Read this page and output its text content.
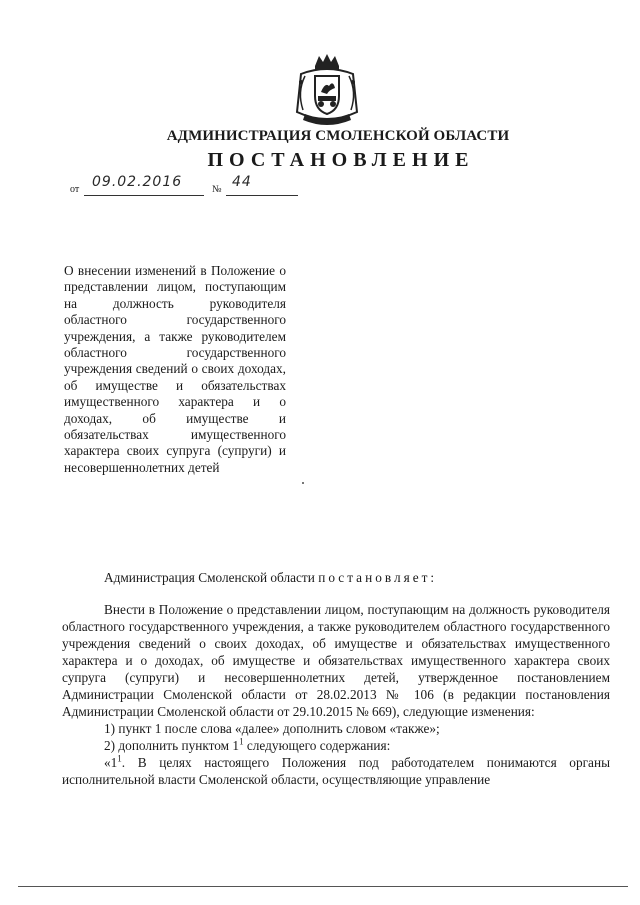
АДМИНИСТРАЦИЯ СМОЛЕНСКОЙ ОБЛАСТИ
ПОСТАНОВЛЕНИЕ
от 09.02.2016	№ 44
О внесении изменений в Положение о представлении лицом, поступающим на должность руководителя областного государственного учреждения, а также руководителем областного государственного учреждения сведений о своих доходах, об имуществе и обязательствах имущественного характера и о доходах, об имуществе и обязательствах имущественного характера своих супруга (супруги) и несовершеннолетних детей
Администрация Смоленской области постановляет:

Внести в Положение о представлении лицом, поступающим на должность руководителя областного государственного учреждения, а также руководителем областного государственного учреждения сведений о своих доходах, об имуществе и обязательствах имущественного характера и о доходах, об имуществе и обязательствах имущественного характера своих супруга (супруги) и несовершеннолетних детей, утвержденное постановлением Администрации Смоленской области от 28.02.2013 № 106 (в редакции постановления Администрации Смоленской области от 29.10.2015 № 669), следующие изменения:

1) пункт 1 после слова «далее» дополнить словом «также»;

2) дополнить пунктом $1^1$ следующего содержания:

«$1^1$. В целях настоящего Положения под работодателем понимаются органы исполнительной власти Смоленской области, осуществляющие управление
